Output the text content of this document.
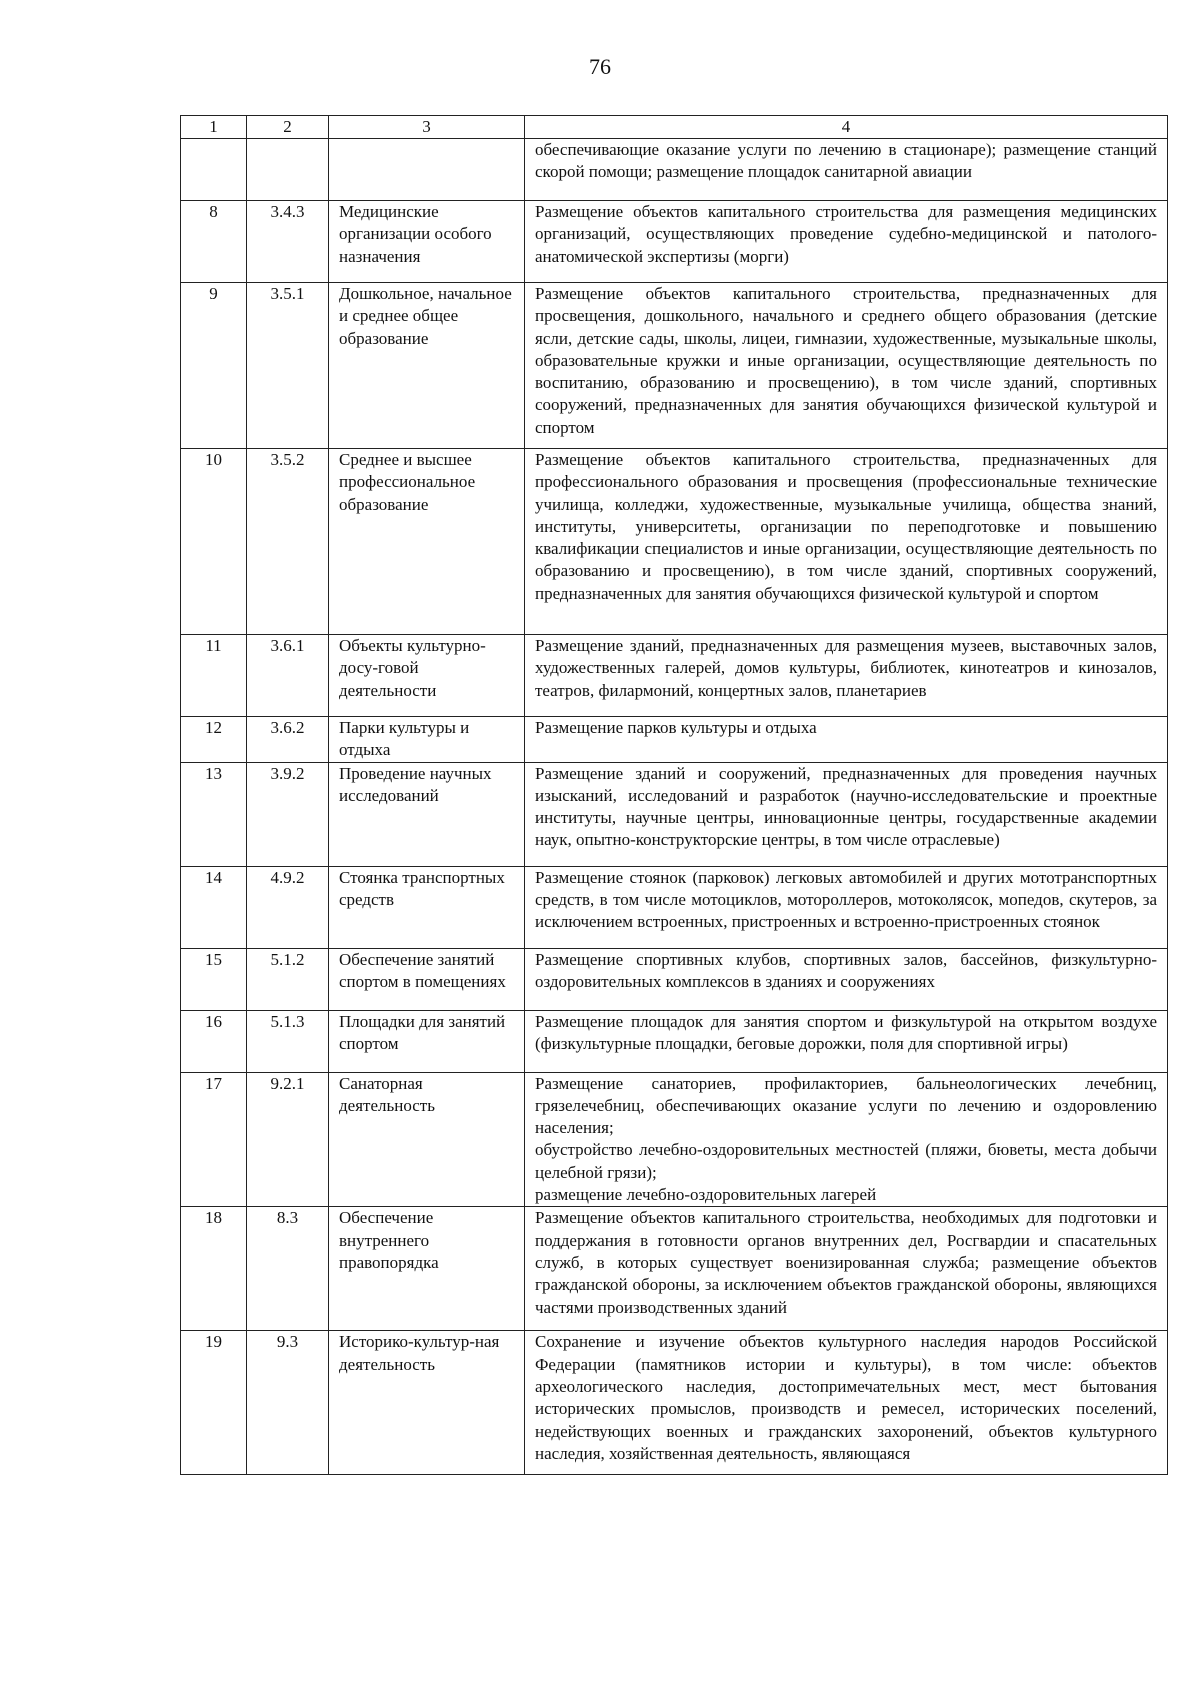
76
1	2	3	4

			обеспечивающие оказание услуги по лечению в стационаре); размещение станций скорой помощи; размещение площадок санитарной авиации

8	3.4.3	Медицинские организации особого назначения	Размещение объектов капитального строительства для размещения медицинских организаций, осуществляющих проведение судебно-медицинской и патолого-анатомической экспертизы (морги)

9	3.5.1	Дошкольное, начальное и среднее общее образование	Размещение объектов капитального строительства, предназначенных для просвещения, дошкольного, начального и среднего общего образования (детские ясли, детские сады, школы, лицеи, гимназии, художественные, музыкальные школы, образовательные кружки и иные организации, осуществляющие деятельность по воспитанию, образованию и просвещению), в том числе зданий, спортивных сооружений, предназначенных для занятия обучающихся физической культурой и спортом

10	3.5.2	Среднее и высшее профессиональное образование	Размещение объектов капитального строительства, предназначенных для профессионального образования и просвещения (профессиональные технические училища, колледжи, художественные, музыкальные училища, общества знаний, институты, университеты, организации по переподготовке и повышению квалификации специалистов и иные организации, осуществляющие деятельность по образованию и просвещению), в том числе зданий, спортивных сооружений, предназначенных для занятия обучающихся физической культурой и спортом

11	3.6.1	Объекты культурно-досу-говой деятельности	Размещение зданий, предназначенных для размещения музеев, выставочных залов, художественных галерей, домов культуры, библиотек, кинотеатров и кинозалов, театров, филармоний, концертных залов, планетариев

12	3.6.2	Парки культуры и отдыха	Размещение парков культуры и отдыха

13	3.9.2	Проведение научных исследований	Размещение зданий и сооружений, предназначенных для проведения научных изысканий, исследований и разработок (научно-исследовательские и проектные институты, научные центры, инновационные центры, государственные академии наук, опытно-конструкторские центры, в том числе отраслевые)

14	4.9.2	Стоянка транспортных средств	Размещение стоянок (парковок) легковых автомобилей и других мототранспортных средств, в том числе мотоциклов, мотороллеров, мотоколясок, мопедов, скутеров, за исключением встроенных, пристроенных и встроенно-пристроенных стоянок

15	5.1.2	Обеспечение занятий спортом в помещениях	Размещение спортивных клубов, спортивных залов, бассейнов, физкультурно-оздоровительных комплексов в зданиях и сооружениях

16	5.1.3	Площадки для занятий спортом	Размещение площадок для занятия спортом и физкультурой на открытом воздухе (физкультурные площадки, беговые дорожки, поля для спортивной игры)

17	9.2.1	Санаторная деятельность	Размещение санаториев, профилакториев, бальнеологических лечебниц, грязелечебниц, обеспечивающих оказание услуги по лечению и оздоровлению населения;
обустройство лечебно-оздоровительных местностей (пляжи, бюветы, места добычи целебной грязи);
размещение лечебно-оздоровительных лагерей

18	8.3	Обеспечение внутреннего правопорядка	Размещение объектов капитального строительства, необходимых для подготовки и поддержания в готовности органов внутренних дел, Росгвардии и спасательных служб, в которых существует военизированная служба; размещение объектов гражданской обороны, за исключением объектов гражданской обороны, являющихся частями производственных зданий

19	9.3	Историко-культур-ная деятельность	Сохранение и изучение объектов культурного наследия народов Российской Федерации (памятников истории и культуры), в том числе: объектов археологического наследия, достопримечательных мест, мест бытования исторических промыслов, производств и ремесел, исторических поселений, недействующих военных и гражданских захоронений, объектов культурного наследия, хозяйственная деятельность, являющаяся
